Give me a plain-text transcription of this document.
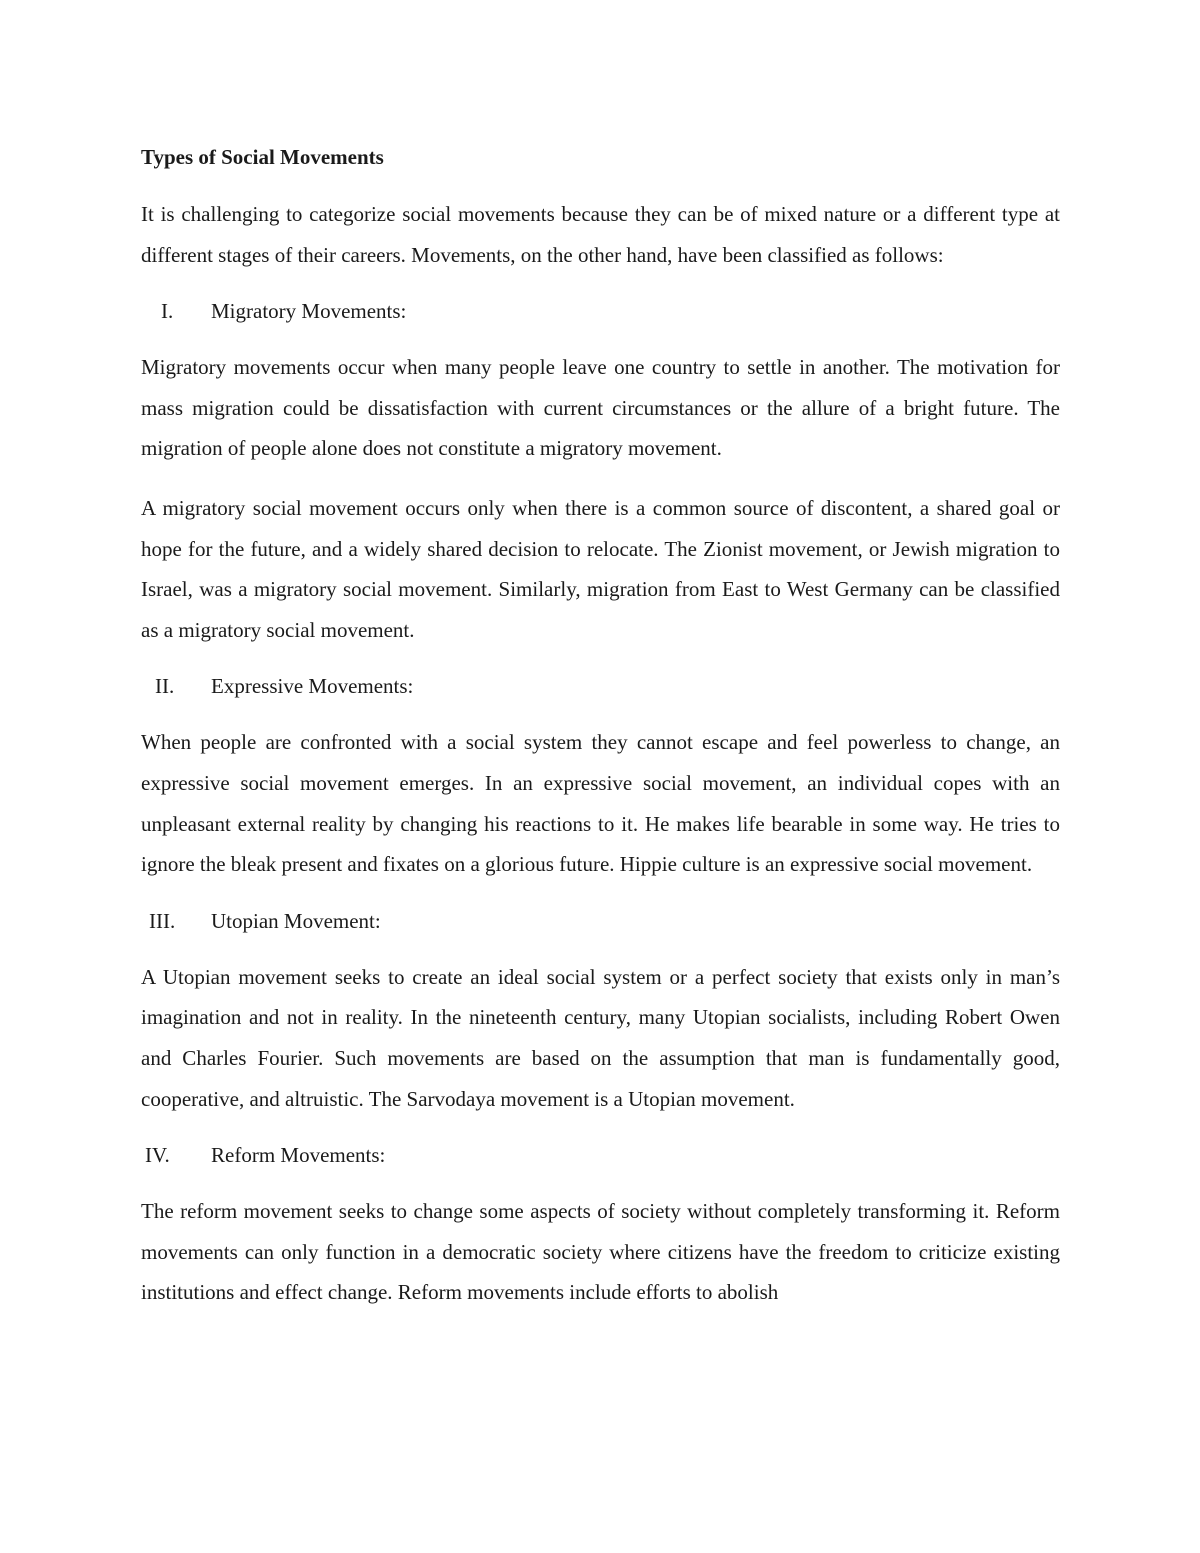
Types of Social Movements

It is challenging to categorize social movements because they can be of mixed nature or a different type at different stages of their careers. Movements, on the other hand, have been classified as follows:

I. Migratory Movements:

Migratory movements occur when many people leave one country to settle in another. The motivation for mass migration could be dissatisfaction with current circumstances or the allure of a bright future. The migration of people alone does not constitute a migratory movement.

A migratory social movement occurs only when there is a common source of discontent, a shared goal or hope for the future, and a widely shared decision to relocate. The Zionist movement, or Jewish migration to Israel, was a migratory social movement. Similarly, migration from East to West Germany can be classified as a migratory social movement.

II. Expressive Movements:

When people are confronted with a social system they cannot escape and feel powerless to change, an expressive social movement emerges. In an expressive social movement, an individual copes with an unpleasant external reality by changing his reactions to it. He makes life bearable in some way. He tries to ignore the bleak present and fixates on a glorious future. Hippie culture is an expressive social movement.

III. Utopian Movement:

A Utopian movement seeks to create an ideal social system or a perfect society that exists only in man’s imagination and not in reality. In the nineteenth century, many Utopian socialists, including Robert Owen and Charles Fourier. Such movements are based on the assumption that man is fundamentally good, cooperative, and altruistic. The Sarvodaya movement is a Utopian movement.

IV. Reform Movements:

The reform movement seeks to change some aspects of society without completely transforming it. Reform movements can only function in a democratic society where citizens have the freedom to criticize existing institutions and effect change. Reform movements include efforts to abolish
